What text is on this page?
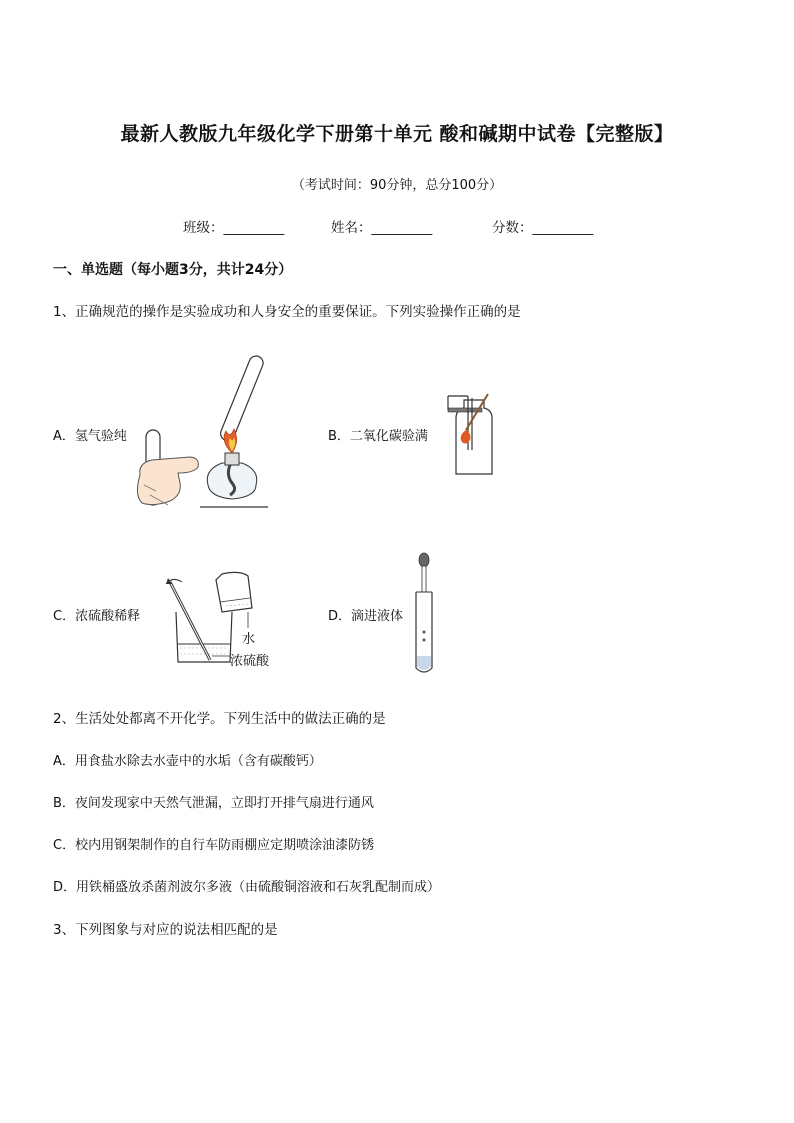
最新人教版九年级化学下册第十单元 酸和碱期中试卷【完整版】
（考试时间：90分钟，总分100分）
班级：_________	姓名：_________	分数：_________
一、单选题（每小题3分，共计24分）
1、正确规范的操作是实验成功和人身安全的重要保证。下列实验操作正确的是
A．氢气验纯	B．二氧化碳验满
C．浓硫酸稀释
水
浓硫酸
D．滴进液体
2、生活处处都离不开化学。下列生活中的做法正确的是
A．用食盐水除去水壶中的水垢（含有碳酸钙）
B．夜间发现家中天然气泄漏，立即打开排气扇进行通风
C．校内用钢架制作的自行车防雨棚应定期喷涂油漆防锈
D．用铁桶盛放杀菌剂波尔多液（由硫酸铜溶液和石灰乳配制而成）
3、下列图象与对应的说法相匹配的是
